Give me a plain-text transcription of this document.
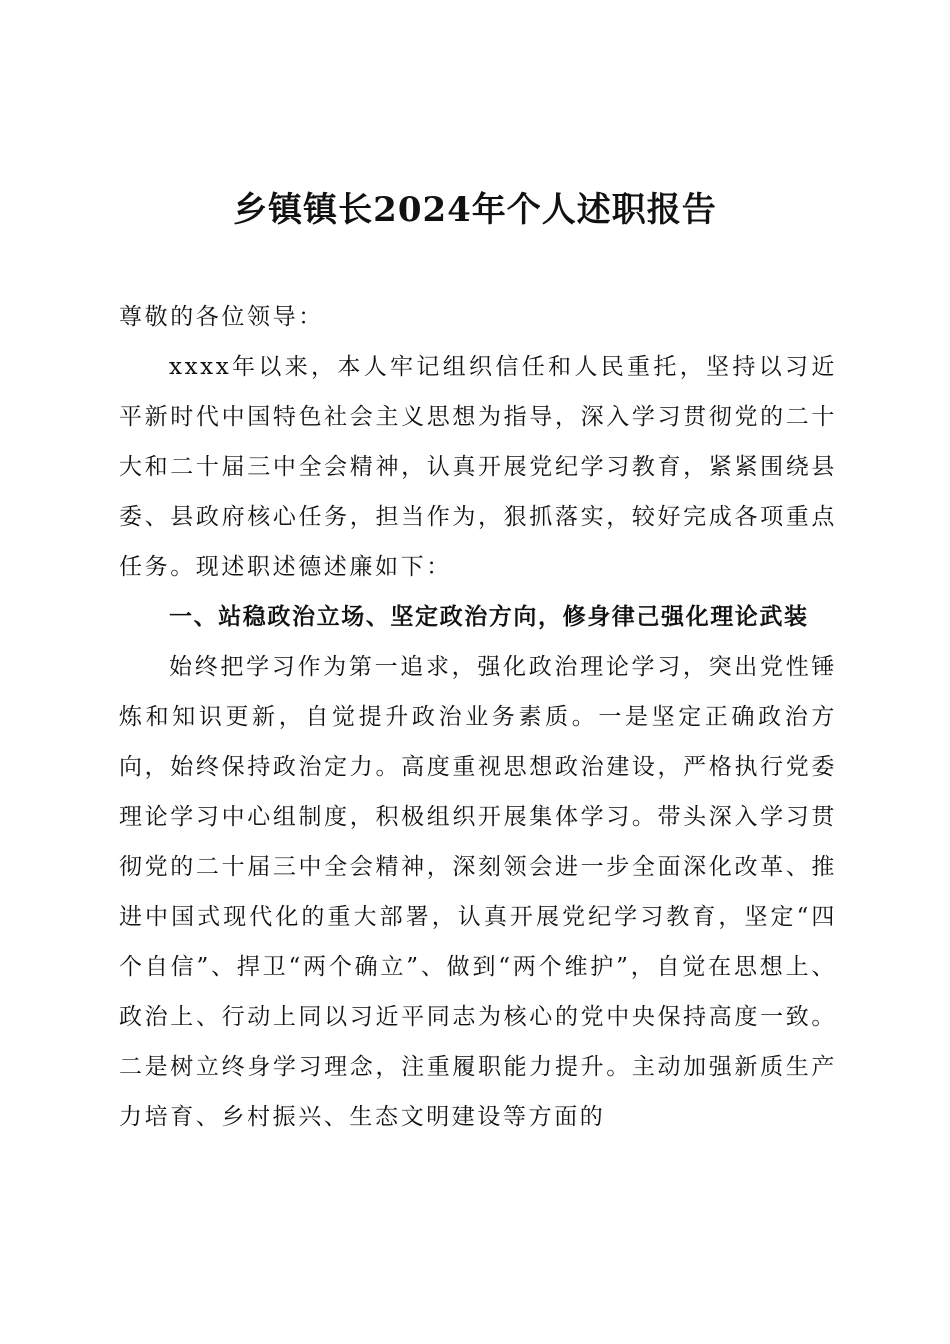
乡镇镇长2024年个人述职报告

尊敬的各位领导：

xxxx年以来，本人牢记组织信任和人民重托，坚持以习近平新时代中国特色社会主义思想为指导，深入学习贯彻党的二十大和二十届三中全会精神，认真开展党纪学习教育，紧紧围绕县委、县政府核心任务，担当作为，狠抓落实，较好完成各项重点任务。现述职述德述廉如下：

一、站稳政治立场、坚定政治方向，修身律己强化理论武装

始终把学习作为第一追求，强化政治理论学习，突出党性锤炼和知识更新，自觉提升政治业务素质。一是坚定正确政治方向，始终保持政治定力。高度重视思想政治建设，严格执行党委理论学习中心组制度，积极组织开展集体学习。带头深入学习贯彻党的二十届三中全会精神，深刻领会进一步全面深化改革、推进中国式现代化的重大部署，认真开展党纪学习教育，坚定“四个自信”、捍卫“两个确立”、做到“两个维护”，自觉在思想上、政治上、行动上同以习近平同志为核心的党中央保持高度一致。二是树立终身学习理念，注重履职能力提升。主动加强新质生产力培育、乡村振兴、生态文明建设等方面的
